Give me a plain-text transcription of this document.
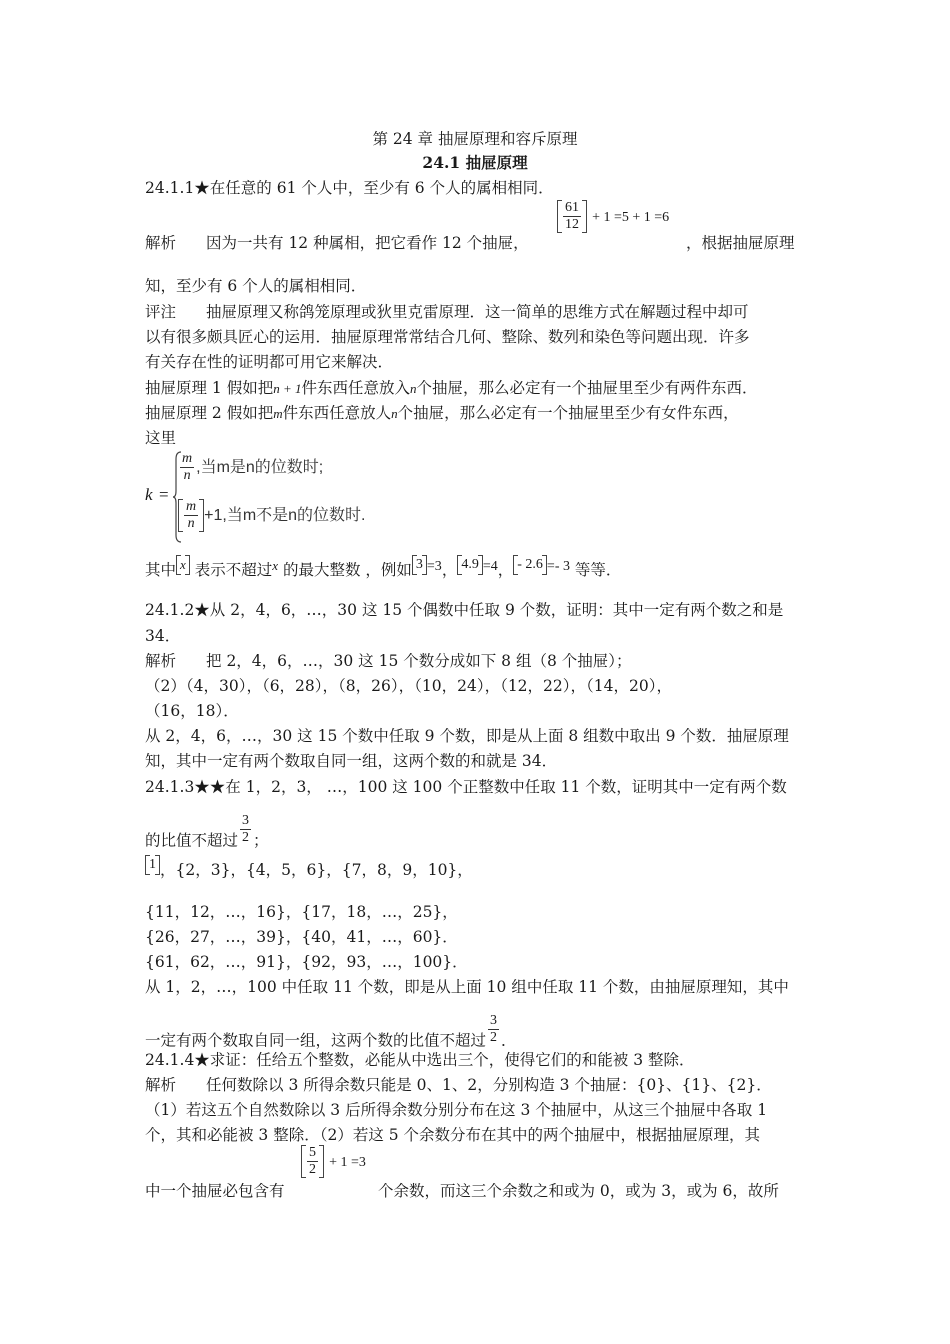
第 24 章 抽屉原理和容斥原理
24.1 抽屉原理
24.1.1★在任意的 61 个人中，至少有 6 个人的属相相同．
解析 因为一共有 12 种属相，把它看作 12 个抽屉，
$\frac{61}{12} + 1 =5 + 1 =6$
，根据抽屉原理
知，至少有 6 个人的属相相同．
评注 抽屉原理又称鸽笼原理或狄里克雷原理．这一简单的思维方式在解题过程中却可
以有很多颇具匠心的运用．抽屉原理常常结合几何、整除、数列和染色等问题出现．许多
有关存在性的证明都可用它来解决．
抽屉原理 1 假如把n + 1件东西任意放入n个抽屉，那么必定有一个抽屉里至少有两件东西．
抽屉原理 2 假如把m件东西任意放人n个抽屉，那么必定有一个抽屉里至少有女件东西，
这里
k =
$\frac{m}{n}$ ,当m是n的位数时;
$\frac{m}{n} +1$,当m不是n的位数时.
其中 x 表示不超过$^x$ 的最大整数 ，例如 3 =3， 4.9 =4， - 2.6 =- 3 等等．
24.1.2★从 2，4，6，…，30 这 15 个偶数中任取 9 个数，证明：其中一定有两个数之和是
34．
解析 把 2，4，6，…，30 这 15 个数分成如下 8 组（8 个抽屉）；
（2）（4，30），（6，28），（8，26），（10，24），（12，22），（14，20），
（16，18）．
从 2，4，6，…，30 这 15 个数中任取 9 个数，即是从上面 8 组数中取出 9 个数．抽屉原理
知，其中一定有两个数取自同一组，这两个数的和就是 34．
24.1.3★★在 1，2，3， …，100 这 100 个正整数中任取 11 个数，证明其中一定有两个数
的比值不超过 $\frac{3}{2}$ ；
1 ，{2，3}，{4，5，6}，{7，8，9，10}，
{11，12，…，16}，{17，18，…，25}，
{26，27，…，39}，{40，41，…，60}．
{61，62，…，91}，{92，93，…，100}．
从 1，2，…，100 中任取 11 个数，即是从上面 10 组中任取 11 个数，由抽屉原理知，其中
一定有两个数取自同一组，这两个数的比值不超过 $\frac{3}{2}$ ．
24.1.4★求证：任给五个整数，必能从中选出三个，使得它们的和能被 3 整除．
解析 任何数除以 3 所得余数只能是 0、1、2，分别构造 3 个抽屉：{0}、{1}、{2}．
（1）若这五个自然数除以 3 后所得余数分别分布在这 3 个抽屉中，从这三个抽屉中各取 1
个，其和必能被 3 整除．（2）若这 5 个余数分布在其中的两个抽屉中，根据抽屉原理，其
中一个抽屉必包含有
$\frac{5}{2} + 1 =3$
个余数，而这三个余数之和或为 0，或为 3，或为 6，故所
